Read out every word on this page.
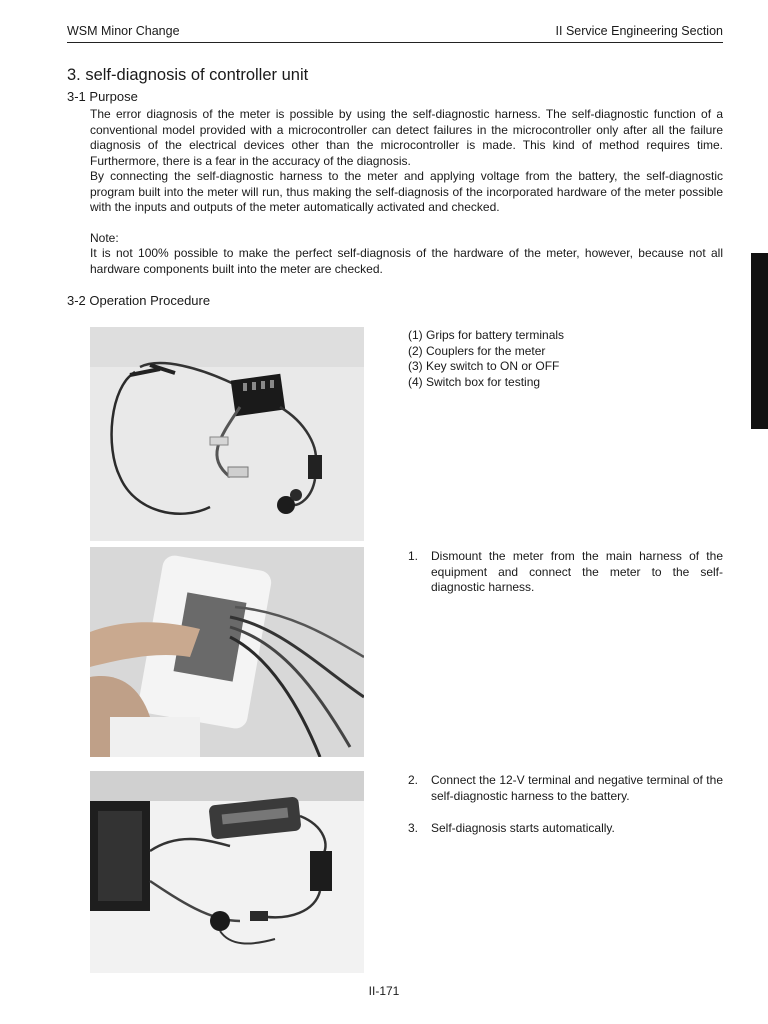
WSM Minor Change	II Service Engineering Section
3. self-diagnosis of controller unit
3-1 Purpose
The error diagnosis of the meter is possible by using the self-diagnostic harness. The self-diagnostic function of a conventional model provided with a microcontroller can detect failures in the microcontroller only after all the failure diagnosis of the electrical devices other than the microcontroller is made. This kind of method requires time. Furthermore, there is a fear in the accuracy of the diagnosis.
By connecting the self-diagnostic harness to the meter and applying voltage from the battery, the self-diagnostic program built into the meter will run, thus making the self-diagnosis of the incorporated hardware of the meter possible with the inputs and outputs of the meter automatically activated and checked.
Note:

It is not 100% possible to make the perfect self-diagnosis of the hardware of the meter, however, because not all hardware components built into the meter are checked.

3-2 Operation Procedure
(1) Grips for battery terminals
(2) Couplers for the meter
(3) Key switch to ON or OFF
(4) Switch box for testing
1. Dismount the meter from the main harness of the equipment and connect the meter to the self-diagnostic harness.
2. Connect the 12-V terminal and negative terminal of the self-diagnostic harness to the battery.
3. Self-diagnosis starts automatically.
II-171
